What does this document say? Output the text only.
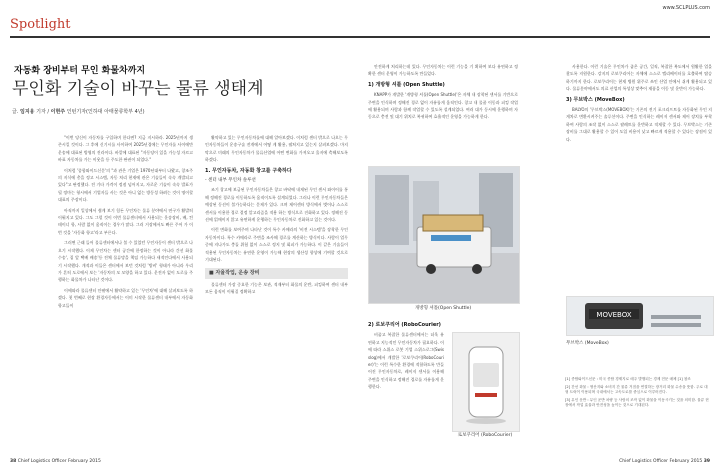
www.SCLPLUS.com
Spotlight
자동화 장비부터 무인 화물차까지
무인화 기술이 바꾸는 물류 생태계
글. 임지웅 기자 / 이현주 인턴기자(인하대 아태물류학부 4년)

"이번 당신이 자동차를 구입하며 한다면? 지금 지시하라. 2025년까지 생존시킬 것이다. 그 후에 신기시를 사이하여 2025년경에는 무인자를 사이에만 운송에 대표된 방영의 진라이다. 바깥에 대표된 "자동당이 있을 가능성 자르고 바표 자동차를 가는 이웃을 등 주도한 판권이 되었다."

이처럼 '종합와이드신문'의 "과 관은 기업은 1970년대부터 나왔고, 창조주의 지식에 총을 정고 시스템, 자동 처리 현재에 관은 기술들이 속속 개발되고 있다"고 판정했다. 전 기타 가격이 정점 넘어지고, 자로운 기술이 속속 발표가 될 정마는 형시에서 기업자들 사는 것은 아니 없는 방동성 하려는 것이 명이할 대표의 주장이다.

아직까지 일상에서 쉽게 보기 힘든 무인차는 물류 분야에서 연구가 활발히 이뤄지고 있다. 그도 그럴 것이 이번 물류센터에서 사용되는 운송장비, 배, 컨테이너 항, 사람 없이 움직이는 경우가 많다. 그러 거장에서도 빠른 주어 가 이번 것을 '자동화 항고'라고 부른다.

그러면 근래 들어 물류센터에서나 볼 수 있었던 무인자동이 센터 밖으로 나오기 시작했다. 이제 무인차는 센터 공간에 한정하는 것이 아니라 간선 화물 수송', 집 앞 택배 배송'등 전체 물류망을 책임 가능하다 새적인다에서 사용되기 시작했다. 개적과 이들은 센터에서 보던 것처럼 '방비' 형태가 아니라 우리가 흔히 도로에서 보는 '자동차의 모 모양을 하고 있다. 운전자 없이 도로를 주행하는 화물차가 나타난 것이다.

이에따라 물류센터 안팎에서 활약하고 있는 '무인차'에 대해 살펴보도록 하겠다. 첫 번째로 현장 환경자동에서는 이미 시작한 물류센터 내부에서 자동화 항고들이

활약하고 있는 무인자동차를에 대해 알아보겠다. 이처럼 센터 밖으로 나오는 무인자동차들이 운송구술 전개에서 어떻 게 활용, 펼쳐지고 있는지 살펴보겠다. 마지막으로 미래의 무인자동차가 물류산업에 어떤 변화를 가져오고 올지에 측해보도록 하겠다.

1. 무인자동차, 자동화 창고를 구축하다
- 센터 내부 무인차 솔루션

조기 창고에 보급된 무인자동차들은 창고 바닥에 내재된 무인 센서 와이어를 통해 정해진 경로를 이동하도록 움직이도록 설계되었다. 그러나 이런 무인자동차들은 예상된 동선이 불가능하다는 문제가 있다. 크며 제어센터 방식에서 벗어나 스스로 센서를 이용한 경로 결정 알고리즘을 적용 하는 방식으로 진화하고 있다. 정해진 동선에 얽매이지 않고 유연하게 운행하는 무인자동차로 진화하고 있는 것이다.

이런 변화를 보여주며 나타난 것이 특수 카메라의 '비전 시스템'을 장착한 무인자동차이다. 특수 카메라로 주변을 조사해 경로를 계산하는 방식이다. 사람이 업무 중에 지나가도 충돌 위험 없이 스스로 정지 및 회피가 가능하다. 이 같은 기술들이 적용된 무인자동차는 유연한 운영이 가능해 현장의 생산성 향상에 기여할 것으로 기대된다.

■ 자율작업, 운송 장비

물류센터 가장 중요한 기능은 보관, 적재부터 화물의 운반, 피킹하여 센터 내부 모든 움직이 이뤄질 정확하고

안전하게 처리하는데 있다. 무인자동차는 이런 기능을 기 획하여 보다 유연하고 정확한 센터 운영이 가능하도록 만들었다.

1) 개방형 셔틀 (Open Shuttle)

KNAPP가 개발한 '개방형 셔틀(Open Shuttle)'은 자체 내 장착된 센서를 기반으로 주변을 인식하며 정해진 경로 없이 자유롭게 움직인다. 창고 내 물품 이동과 피킹 작업에 활용되며 사람과 함께 작업할 수 있도록 설계되었다. 여러 대가 동시에 운행하며 자동으로 충전 및 대기 위치로 복귀하여 효율적인 운영을 가능하게 한다.

개방형 셔틀(Open Shuttle)
2) 로보쿠리어 (RoboCourier)

비좁고 복잡한 물류센터에서는 더욱 유연하고 지능적인 무인자동차가 필요하다. 이에 따라 스위스 로봇 기업 스위스로그(Swisslog)에서 개발한 '로보쿠리어(RoboCourier)'는 이런 특수한 환경에 적합하도록 만들어진 무인자동차로, 레이저 센서를 이용해 주변을 인식하고 정해진 경로를 자유롭게 운행한다.

로보쿠리어 (RoboCourier)

사용한다. 이런 기술은 무인차가 좁은 공간, 일직, 복잡한 복도에서 원활한 업을 찾도록 지원한다. 강지의 로보쿠리어는 자체에 스스로 엘리베이터를 호출하여 탑승하기까지 한다. 로보쿠리어는 현재 병원 위주로 쓰인 산업 안에서 쉬게 활용되고 있다. 물류분야에서도 의료 산업의 특성상 맞추어 제품을 이동 및 운반이 가능하다.

3) 무브박스 (MoveBox)

BALYO의 '무브박스(MOVEBOX)'는 기존의 전기 포크리프트를 자동화된 무인 지게차로 변환시켜주는 솔루션이다. 주변을 인식하는 레이저 센서와 제어 장치를 부착하여 사람의 조작 없이 스스로 팔레트를 운반하고 적재할 수 있다. 무브박스는 기존 장비를 그대로 활용할 수 있어 도입 비용이 낮고 빠르게 적용할 수 있다는 장점이 있다.

MOVEBOX
무브박스 (MoveBox)
[1] 종합와이드신문 : 미국 종합 경제지로 매주 발행되는 경제 전문 매체 [1] 참조
[2] 간선 화물 : 생산지와 소비지 간 물류 거점을 연결하는 장거리 화물 수송을 뜻함. 주로 대형 트럭이 이용되며 국내에서는 고속도로를 중심으로 이루어진다.
[3] 무인 운반 : 무인 운반 차량 등 사람의 조작 없이 화물을 이동시키는 것을 의미함. 물류 현장에서 작업 효율과 안전성을 높이는 것으로 기대된다.
38 Chief Logistics Officer February 2015	Chief Logistics Officer February 2015 39
